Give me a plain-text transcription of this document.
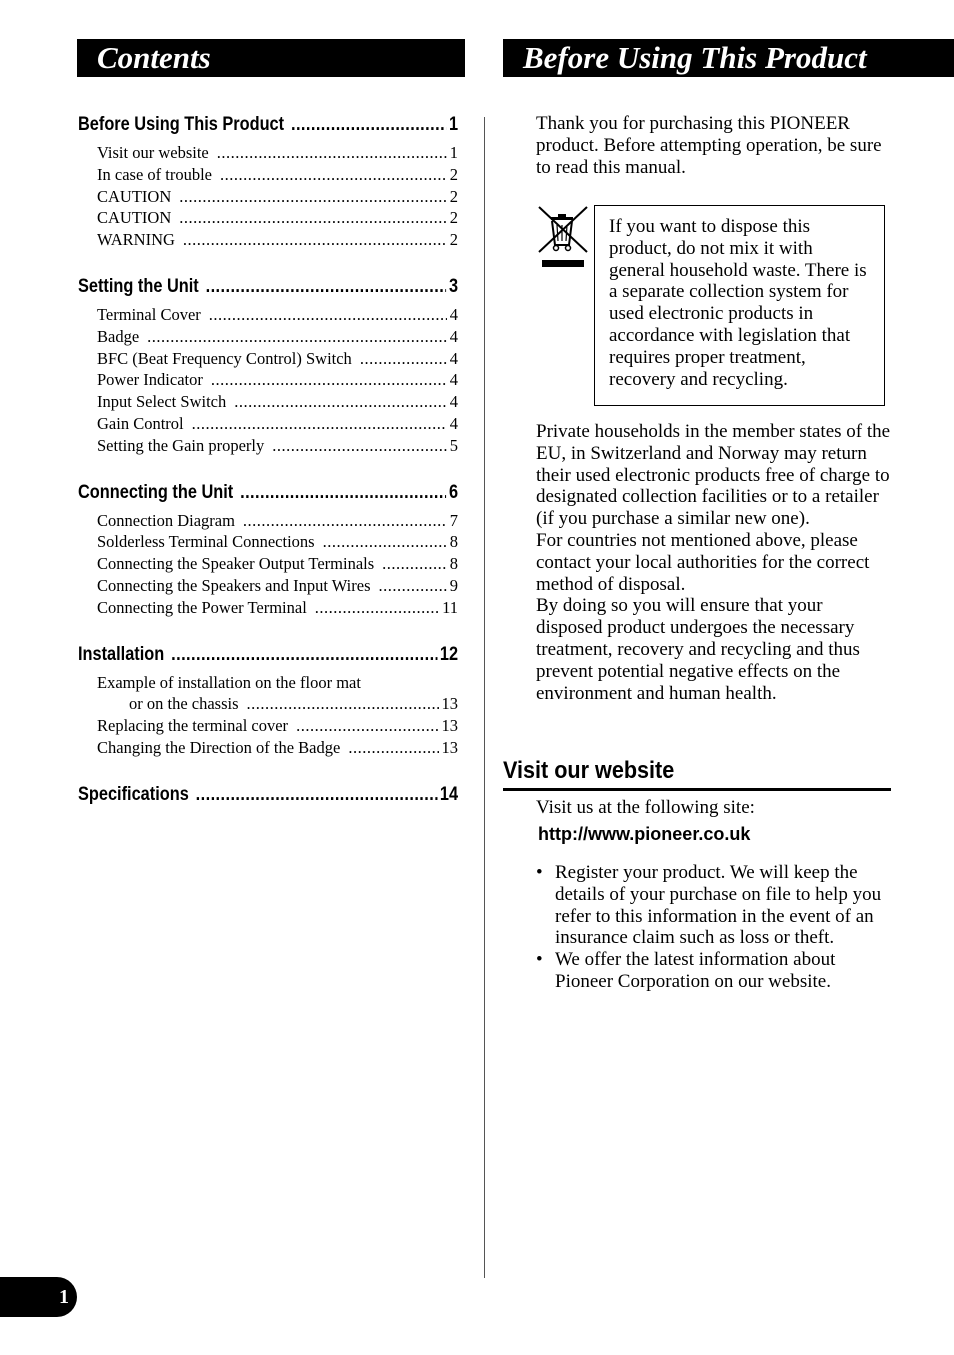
Contents	Before Using This Product
Before Using This Product .....	1
Visit our website .....	1
In case of trouble .....	2
CAUTION .....	2
CAUTION .....	2
WARNING .....	2
Setting the Unit .....	3
Terminal Cover .....	4
Badge .....	4
BFC (Beat Frequency Control) Switch .....	4
Power Indicator .....	4
Input Select Switch .....	4
Gain Control .....	4
Setting the Gain properly .....	5
Connecting the Unit .....	6
Connection Diagram .....	7
Solderless Terminal Connections .....	8
Connecting the Speaker Output Terminals .....	8
Connecting the Speakers and Input Wires .....	9
Connecting the Power Terminal .....	11
Installation .....	12
Example of installation on the floor mat
or on the chassis .....	13
Replacing the terminal cover .....	13
Changing the Direction of the Badge .....	13
Specifications .....	14
Thank you for purchasing this PIONEER product. Before attempting operation, be sure to read this manual.
If you want to dispose this product, do not mix it with general household waste. There is a separate collection system for used electronic products in accordance with legislation that requires proper treatment, recovery and recycling.

Private households in the member states of the EU, in Switzerland and Norway may return their used electronic products free of charge to designated collection facilities or to a retailer (if you purchase a similar new one).

For countries not mentioned above, please contact your local authorities for the correct method of disposal.

By doing so you will ensure that your disposed product undergoes the necessary treatment, recovery and recycling and thus prevent potential negative effects on the environment and human health.

Visit our website
Visit us at the following site:
http://www.pioneer.co.uk
• Register your product. We will keep the details of your purchase on file to help you refer to this information in the event of an insurance claim such as loss or theft.
• We offer the latest information about Pioneer Corporation on our website.
1
